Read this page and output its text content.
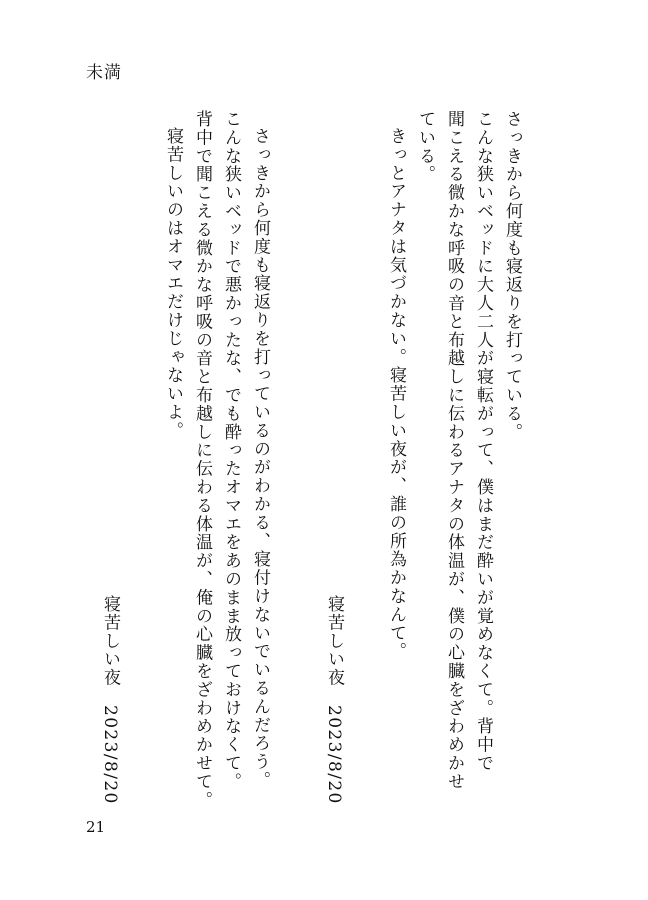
未満
さっきから何度も寝返りを打っている。
こんな狭いベッドに大人二人が寝転がって、僕はまだ酔いが覚めなくて。背中で
聞こえる微かな呼吸の音と布越しに伝わるアナタの体温が、僕の心臓をざわめかせ
ている。
きっとアナタは気づかない。寝苦しい夜が、誰の所為かなんて。
寝苦しい夜2023/8/20
さっきから何度も寝返りを打っているのがわかる、寝付けないでいるんだろう。
こんな狭いベッドで悪かったな、でも酔ったオマエをあのまま放っておけなくて。
背中で聞こえる微かな呼吸の音と布越しに伝わる体温が、俺の心臓をざわめかせて。
寝苦しいのはオマエだけじゃないよ。
寝苦しい夜2023/8/20
21
